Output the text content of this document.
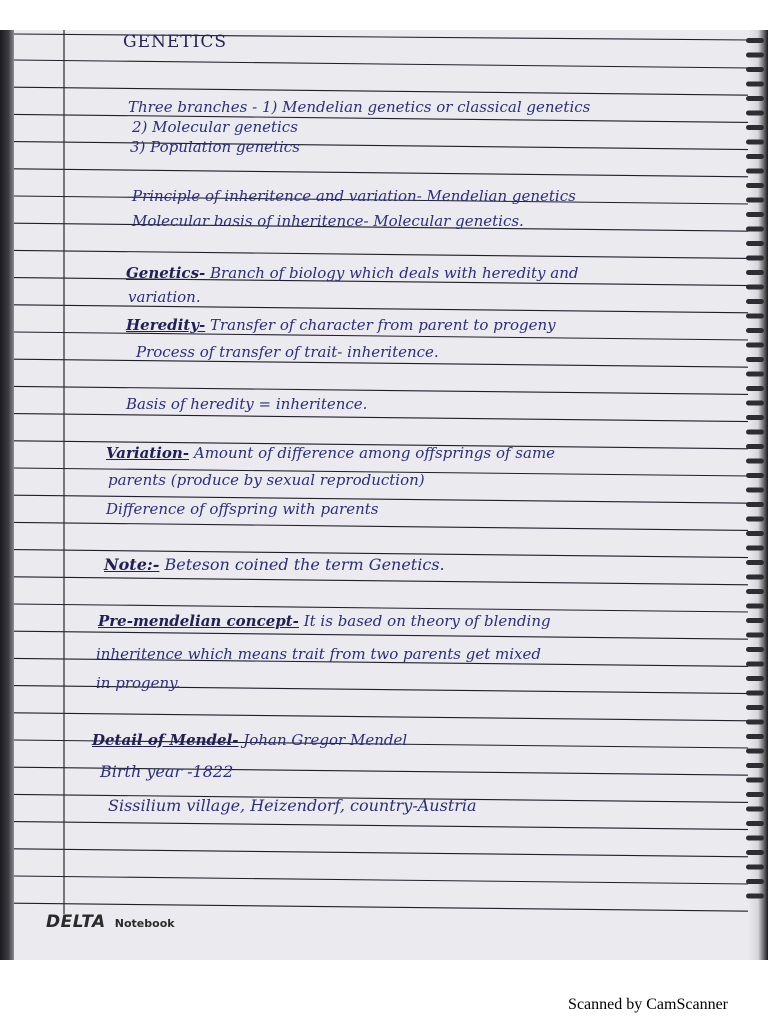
GENETICS
Three branches - 1) Mendelian genetics or classical genetics
2) Molecular genetics
3) Population genetics
Principle of inheritence and variation- Mendelian genetics
Molecular basis of inheritence- Molecular genetics.
Genetics- Branch of biology which deals with heredity and
variation.
Heredity- Transfer of character from parent to progeny
Process of transfer of trait- inheritence.
Basis of heredity = inheritence.
Variation- Amount of difference among offsprings of same
parents (produce by sexual reproduction)
Difference of offspring with parents
Note:- Beteson coined the term Genetics.
Pre-mendelian concept- It is based on theory of blending
inheritence which means trait from two parents get mixed
in progeny.
Detail of Mendel- Johan Gregor Mendel
Birth year -1822
Sissilium village, Heizendorf, country-Austria
DELTA Notebook
Scanned by CamScanner
